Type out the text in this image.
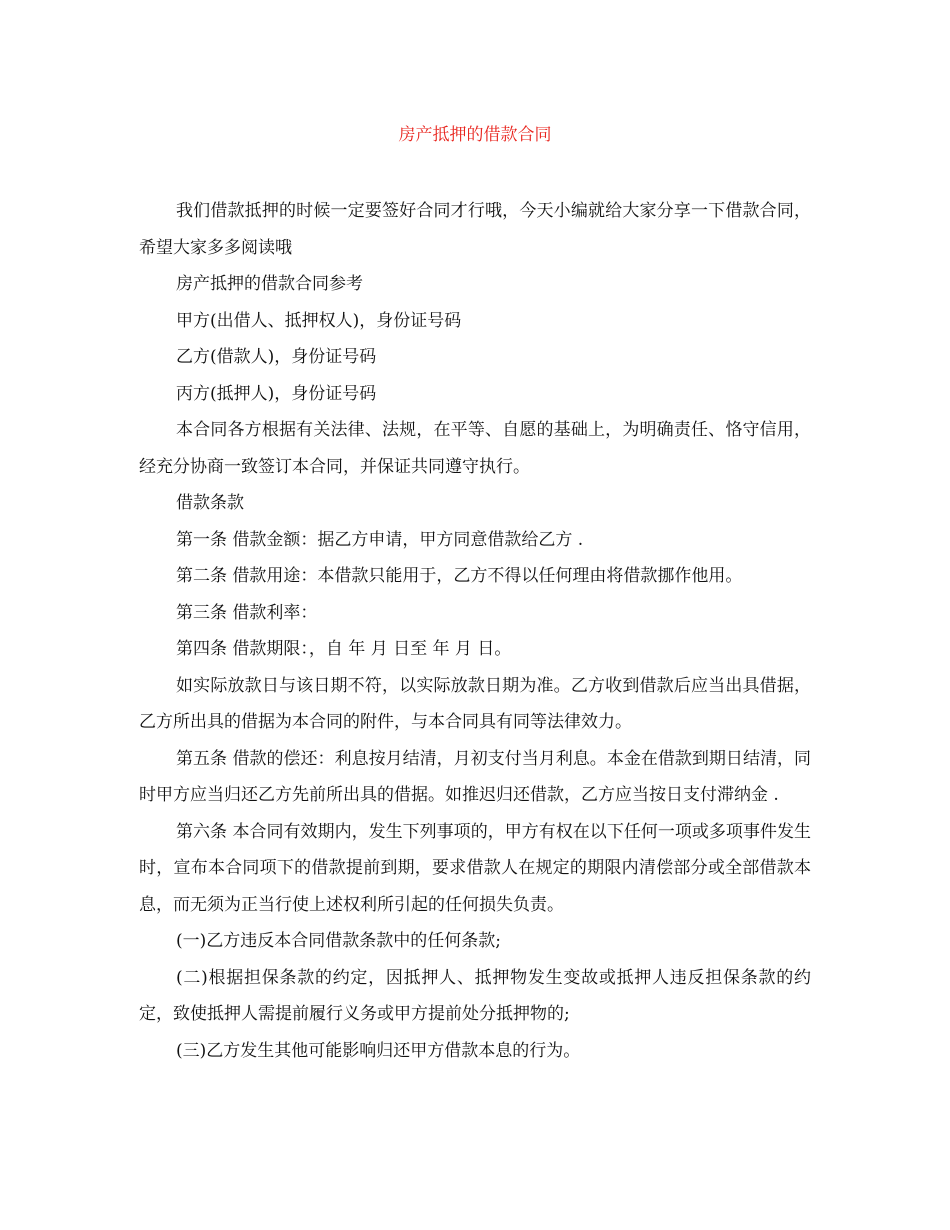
房产抵押的借款合同

我们借款抵押的时候一定要签好合同才行哦，今天小编就给大家分享一下借款合同，希望大家多多阅读哦

房产抵押的借款合同参考

甲方(出借人、抵押权人)，身份证号码

乙方(借款人)，身份证号码

丙方(抵押人)，身份证号码

本合同各方根据有关法律、法规，在平等、自愿的基础上，为明确责任、恪守信用，经充分协商一致签订本合同，并保证共同遵守执行。

借款条款

第一条 借款金额：据乙方申请，甲方同意借款给乙方 .

第二条 借款用途：本借款只能用于，乙方不得以任何理由将借款挪作他用。

第三条 借款利率：

第四条 借款期限：，自 年 月 日至 年 月 日。

如实际放款日与该日期不符，以实际放款日期为准。乙方收到借款后应当出具借据，乙方所出具的借据为本合同的附件，与本合同具有同等法律效力。

第五条 借款的偿还：利息按月结清，月初支付当月利息。本金在借款到期日结清，同时甲方应当归还乙方先前所出具的借据。如推迟归还借款，乙方应当按日支付滞纳金 .

第六条 本合同有效期内，发生下列事项的，甲方有权在以下任何一项或多项事件发生时，宣布本合同项下的借款提前到期，要求借款人在规定的期限内清偿部分或全部借款本息，而无须为正当行使上述权利所引起的任何损失负责。

(一)乙方违反本合同借款条款中的任何条款;

(二)根据担保条款的约定，因抵押人、抵押物发生变故或抵押人违反担保条款的约定，致使抵押人需提前履行义务或甲方提前处分抵押物的;

(三)乙方发生其他可能影响归还甲方借款本息的行为。
